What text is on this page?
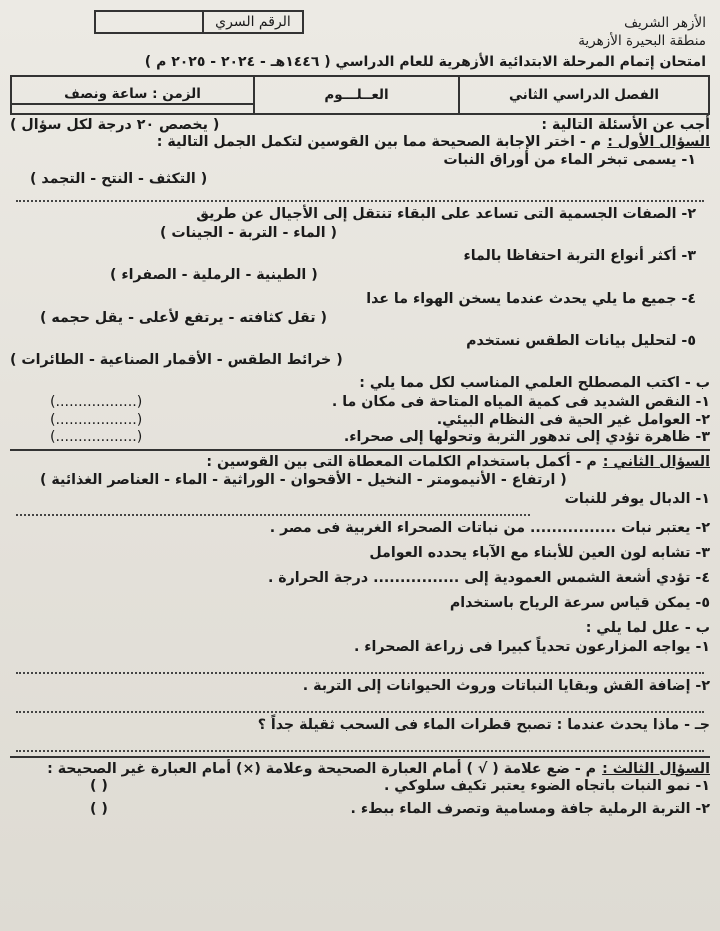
الأزهر الشريف
منطقة البحيرة الأزهرية
الرقم السري
امتحان إتمام المرحلة الابتدائية الأزهرية للعام الدراسي ( ١٤٤٦هـ - ٢٠٢٤ - ٢٠٢٥ م )
الفصل الدراسي الثاني
العــلـــوم
الزمن : ساعة ونصف
أجب عن الأسئلة التالية :
( يخصص ٢٠ درجة لكل سؤال )
السؤال الأول :
م - اختر الإجابة الصحيحة مما بين القوسين لتكمل الجمل التالية :
١- يسمى تبخر الماء من أوراق النبات
( التكثف - النتح - التجمد )
٢- الصفات الجسمية التى تساعد على البقاء تنتقل إلى الأجيال عن طريق
( الماء - التربة - الجينات )
٣- أكثر أنواع التربة احتفاظا بالماء
( الطينية - الرملية - الصفراء )
٤- جميع ما يلي يحدث عندما يسخن الهواء ما عدا
( تقل كثافته - يرتفع لأعلى - يقل حجمه )
٥- لتحليل بيانات الطقس نستخدم
( خرائط الطقس - الأقمار الصناعية - الطائرات )
ب - اكتب المصطلح العلمي المناسب لكل مما يلي :
١- النقص الشديد فى كمية المياه المتاحة فى مكان ما .
(..................)
٢- العوامل غير الحية فى النظام البيئي.
(..................)
٣- ظاهرة تؤدي إلى تدهور التربة وتحولها إلى صحراء.
(..................)
السؤال الثاني :
م - أكمل باستخدام الكلمات المعطاة التى بين القوسين :
( ارتفاع - الأنيمومتر - النخيل - الأقحوان - الوراثية - الماء - العناصر الغذائية )
١- الدبال يوفر للنبات
٢- يعتبر نبات ................ من نباتات الصحراء الغربية فى مصر .
٣- تشابه لون العين للأبناء مع الآباء يحدده العوامل
٤- تؤدي أشعة الشمس العمودية إلى ................ درجة الحرارة .
٥- يمكن قياس سرعة الرياح باستخدام
ب - علل لما يلي :
١- يواجه المزارعون تحدياً كبيرا فى زراعة الصحراء .
٢- إضافة القش وبقايا النباتات وروث الحيوانات إلى التربة .
جـ - ماذا يحدث عندما : تصبح قطرات الماء فى السحب ثقيلة جداً ؟
السؤال الثالث :
م - ضع علامة ( √ ) أمام العبارة الصحيحة وعلامة (×) أمام العبارة غير الصحيحة :
١- نمو النبات باتجاه الضوء يعتبر تكيف سلوكي .
( )
٢- التربة الرملية جافة ومسامية وتصرف الماء ببطء .
( )
